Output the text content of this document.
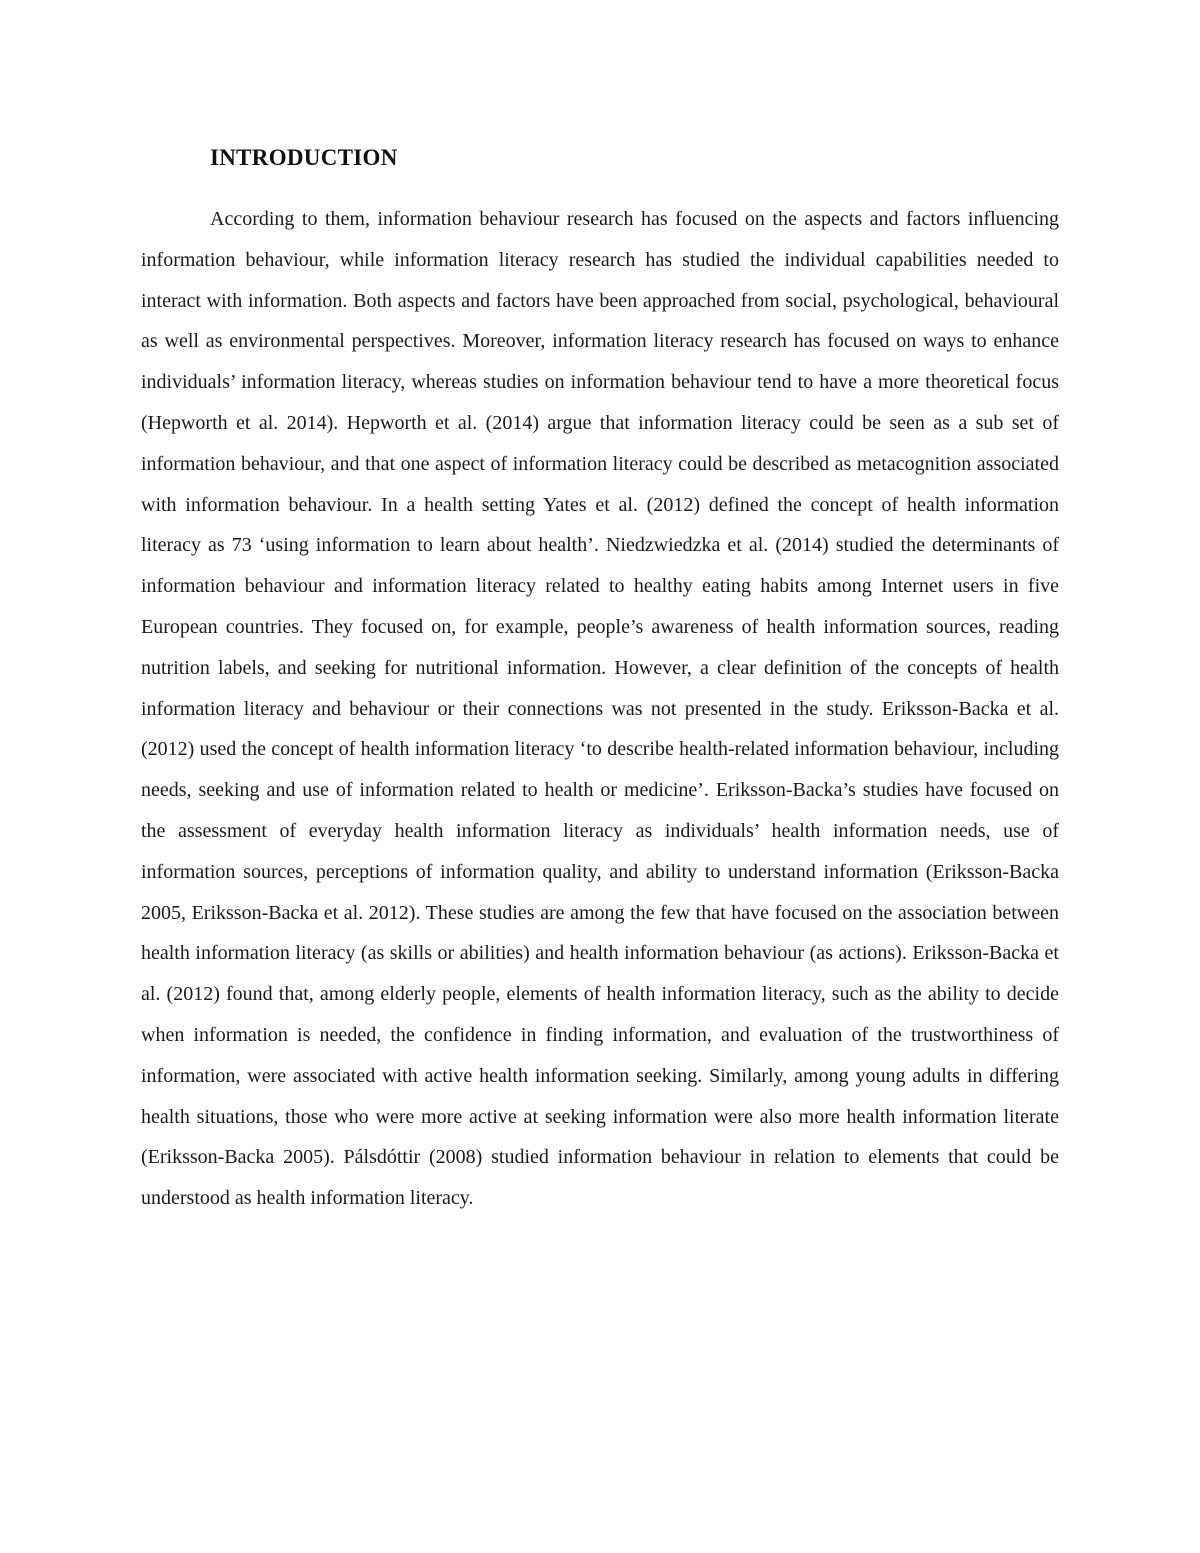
INTRODUCTION

According to them, information behaviour research has focused on the aspects and factors influencing information behaviour, while information literacy research has studied the individual capabilities needed to interact with information. Both aspects and factors have been approached from social, psychological, behavioural as well as environmental perspectives. Moreover, information literacy research has focused on ways to enhance individuals’ information literacy, whereas studies on information behaviour tend to have a more theoretical focus (Hepworth et al. 2014). Hepworth et al. (2014) argue that information literacy could be seen as a sub set of information behaviour, and that one aspect of information literacy could be described as metacognition associated with information behaviour. In a health setting Yates et al. (2012) defined the concept of health information literacy as 73 ‘using information to learn about health’. Niedzwiedzka et al. (2014) studied the determinants of information behaviour and information literacy related to healthy eating habits among Internet users in five European countries. They focused on, for example, people’s awareness of health information sources, reading nutrition labels, and seeking for nutritional information. However, a clear definition of the concepts of health information literacy and behaviour or their connections was not presented in the study. Eriksson-Backa et al. (2012) used the concept of health information literacy ‘to describe health-related information behaviour, including needs, seeking and use of information related to health or medicine’. Eriksson-Backa’s studies have focused on the assessment of everyday health information literacy as individuals’ health information needs, use of information sources, perceptions of information quality, and ability to understand information (Eriksson-Backa 2005, Eriksson-Backa et al. 2012). These studies are among the few that have focused on the association between health information literacy (as skills or abilities) and health information behaviour (as actions). Eriksson-Backa et al. (2012) found that, among elderly people, elements of health information literacy, such as the ability to decide when information is needed, the confidence in finding information, and evaluation of the trustworthiness of information, were associated with active health information seeking. Similarly, among young adults in differing health situations, those who were more active at seeking information were also more health information literate (Eriksson-Backa 2005). Pálsdóttir (2008) studied information behaviour in relation to elements that could be understood as health information literacy.
